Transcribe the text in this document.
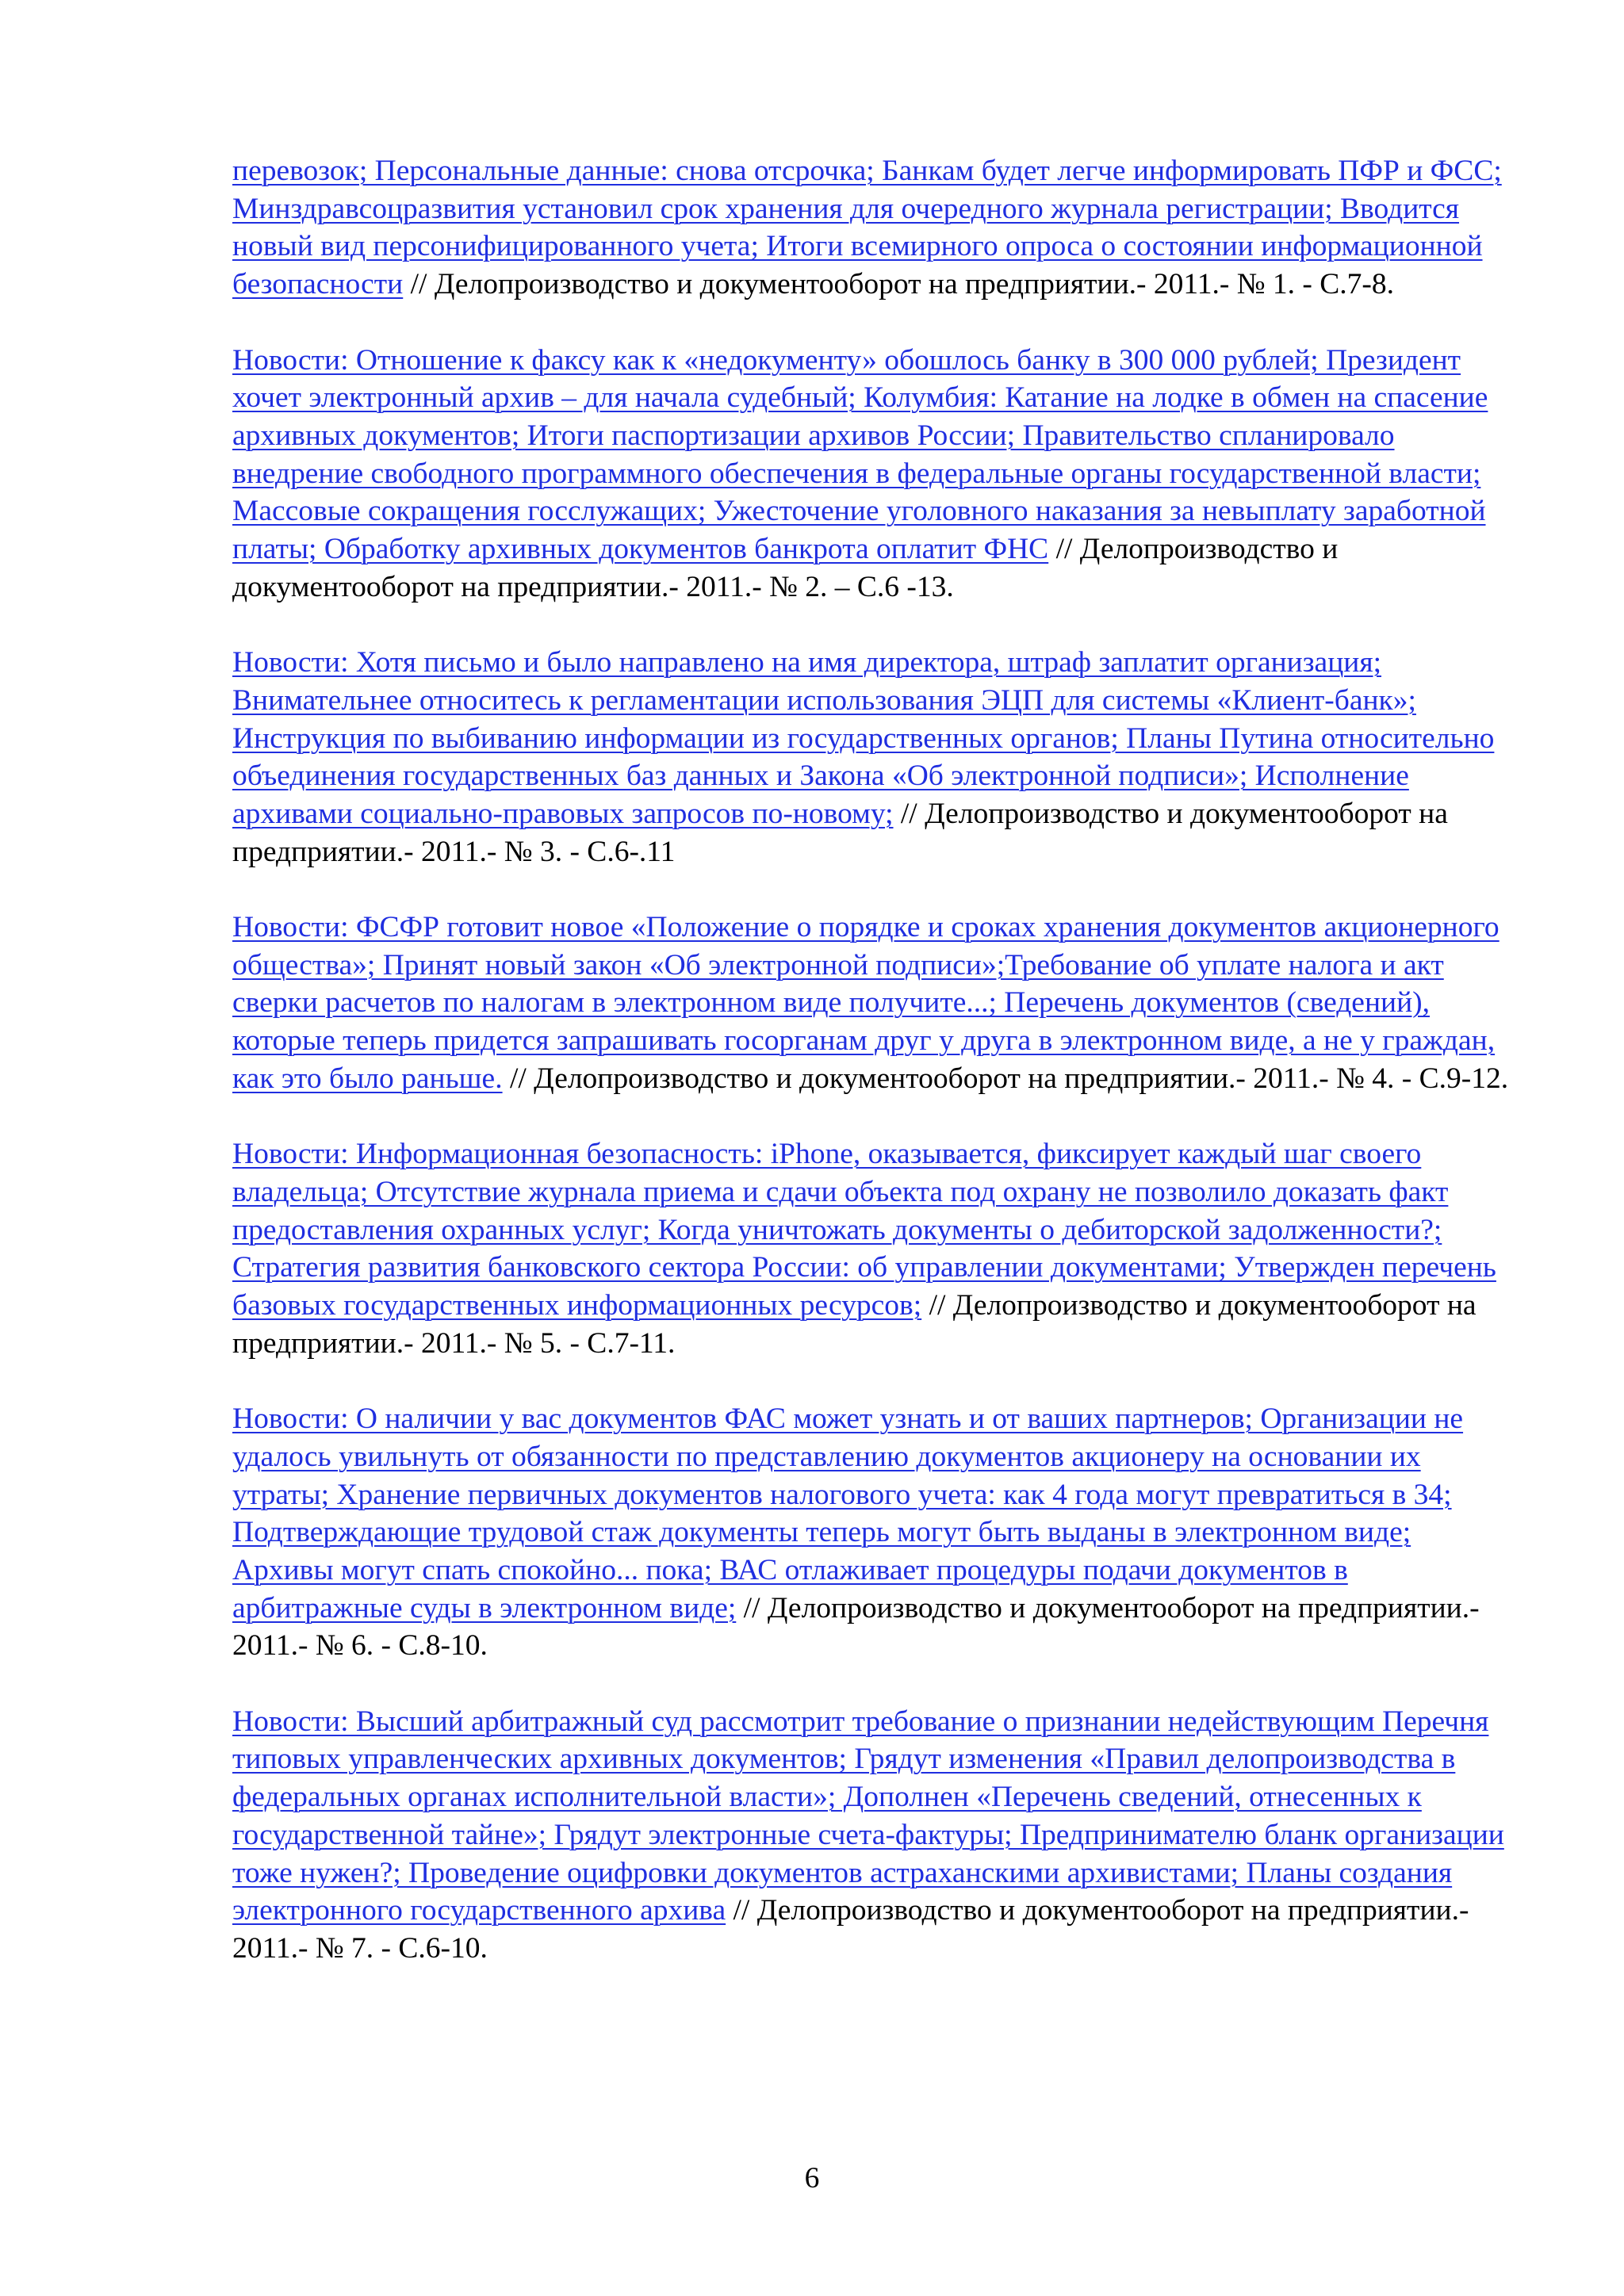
перевозок; Персональные данные: снова отсрочка; Банкам будет легче информировать ПФР и ФСС; Минздравсоцразвития установил срок хранения для очередного журнала регистрации; Вводится новый вид персонифицированного учета; Итоги всемирного опроса о состоянии информационной безопасности // Делопроизводство и документооборот на предприятии.- 2011.- № 1. - С.7-8.

Новости: Отношение к факсу как к «недокументу» обошлось банку в 300 000 рублей; Президент хочет электронный архив – для начала судебный; Колумбия: Катание на лодке в обмен на спасение архивных документов; Итоги паспортизации архивов России; Правительство спланировало внедрение свободного программного обеспечения в федеральные органы государственной власти; Массовые сокращения госслужащих; Ужесточение уголовного наказания за невыплату заработной платы; Обработку архивных документов банкрота оплатит ФНС // Делопроизводство и документооборот на предприятии.- 2011.- № 2. – С.6 -13.

Новости: Хотя письмо и было направлено на имя директора, штраф заплатит организация; Внимательнее относитесь к регламентации использования ЭЦП для системы «Клиент-банк»; Инструкция по выбиванию информации из государственных органов; Планы Путина относительно объединения государственных баз данных и Закона «Об электронной подписи»; Исполнение архивами социально-правовых запросов по-новому; // Делопроизводство и документооборот на предприятии.- 2011.- № 3. - С.6-.11

Новости: ФСФР готовит новое «Положение о порядке и сроках хранения документов акционерного общества»; Принят новый закон «Об электронной подписи»;Требование об уплате налога и акт сверки расчетов по налогам в электронном виде получите...; Перечень документов (сведений), которые теперь придется запрашивать госорганам друг у друга в электронном виде, а не у граждан, как это было раньше. // Делопроизводство и документооборот на предприятии.- 2011.- № 4. - С.9-12.

Новости: Информационная безопасность: iPhone, оказывается, фиксирует каждый шаг своего владельца; Отсутствие журнала приема и сдачи объекта под охрану не позволило доказать факт предоставления охранных услуг; Когда уничтожать документы о дебиторской задолженности?; Стратегия развития банковского сектора России: об управлении документами; Утвержден перечень базовых государственных информационных ресурсов; // Делопроизводство и документооборот на предприятии.- 2011.- № 5. - С.7-11.

Новости: О наличии у вас документов ФАС может узнать и от ваших партнеров; Организации не удалось увильнуть от обязанности по представлению документов акционеру на основании их утраты; Хранение первичных документов налогового учета: как 4 года могут превратиться в 34; Подтверждающие трудовой стаж документы теперь могут быть выданы в электронном виде; Архивы могут спать спокойно... пока; ВАС отлаживает процедуры подачи документов в арбитражные суды в электронном виде; // Делопроизводство и документооборот на предприятии.- 2011.- № 6. - С.8-10.

Новости: Высший арбитражный суд рассмотрит требование о признании недействующим Перечня типовых управленческих архивных документов; Грядут изменения «Правил делопроизводства в федеральных органах исполнительной власти»; Дополнен «Перечень сведений, отнесенных к государственной тайне»; Грядут электронные счета-фактуры; Предпринимателю бланк организации тоже нужен?; Проведение оцифровки документов астраханскими архивистами; Планы создания электронного государственного архива // Делопроизводство и документооборот на предприятии.- 2011.- № 7. - С.6-10.

6
